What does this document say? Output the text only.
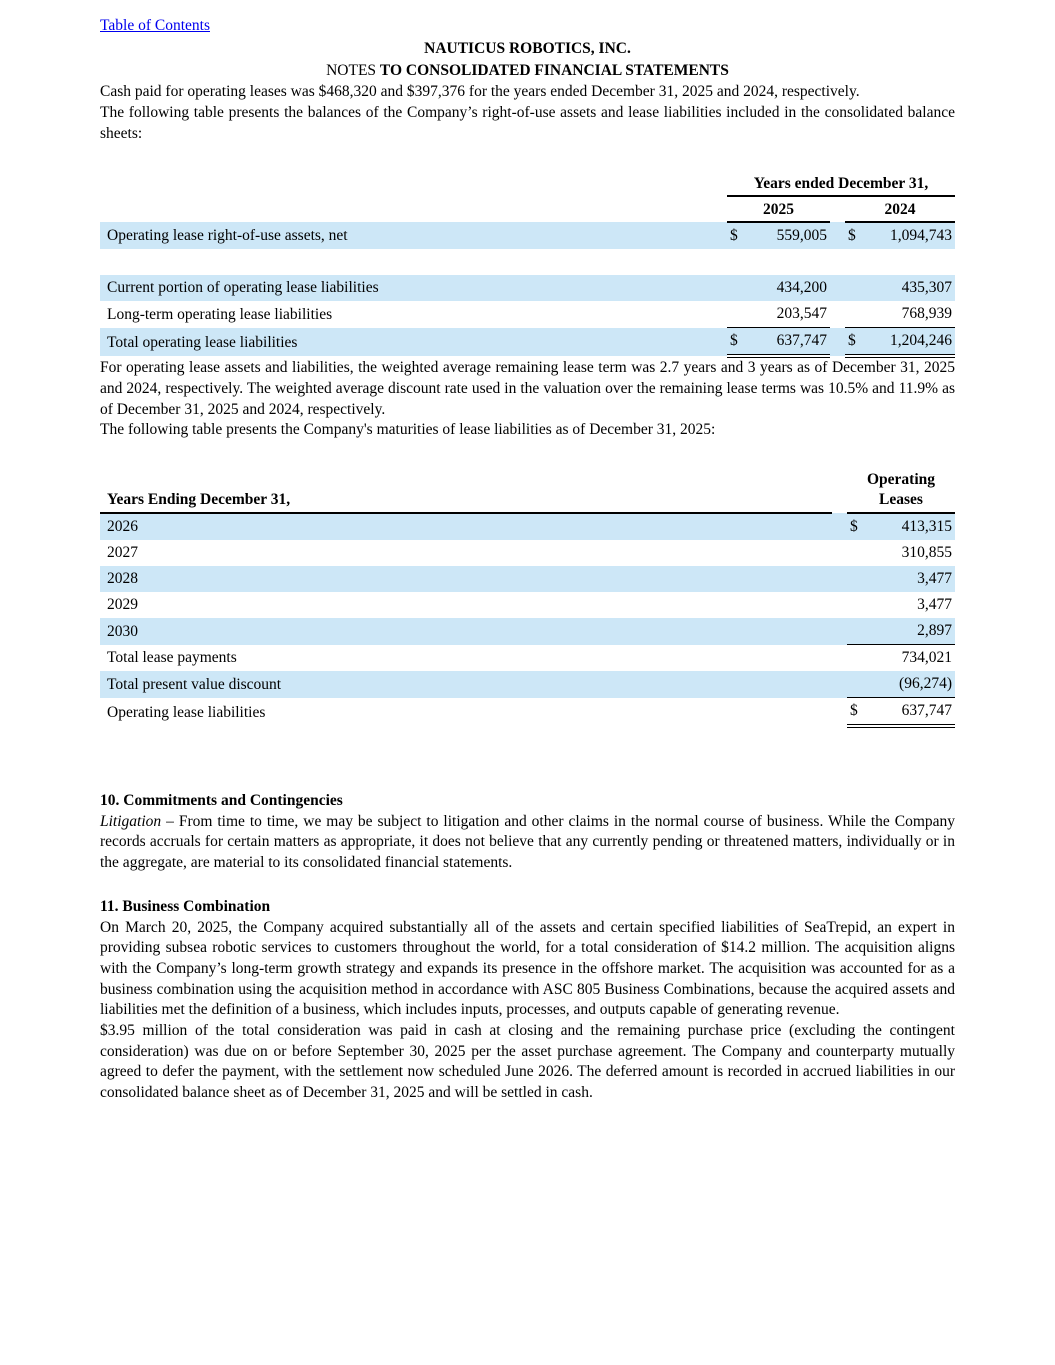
Table of Contents

NAUTICUS ROBOTICS, INC.
NOTES TO CONSOLIDATED FINANCIAL STATEMENTS

Cash paid for operating leases was $468,320 and $397,376 for the years ended December 31, 2025 and 2024, respectively.

The following table presents the balances of the Company’s right-of-use assets and lease liabilities included in the consolidated balance sheets:

	Years ended December 31,				
	2025			2024	
Operating lease right-of-use assets, net	$	559,005		$	1,094,743

Current portion of operating lease liabilities		434,200			435,307
Long-term operating lease liabilities		203,547			768,939
Total operating lease liabilities	$	637,747		$	1,204,246

For operating lease assets and liabilities, the weighted average remaining lease term was 2.7 years and 3 years as of December 31, 2025 and 2024, respectively. The weighted average discount rate used in the valuation over the remaining lease terms was 10.5% and 11.9% as of December 31, 2025 and 2024, respectively.

The following table presents the Company's maturities of lease liabilities as of December 31, 2025:

Years Ending December 31,		Operating
Leases	

2026		$	413,315
2027			310,855
2028			3,477
2029			3,477
2030			2,897
Total lease payments			734,021
Total present value discount			(96,274)
Operating lease liabilities		$	637,747
10. Commitments and Contingencies

Litigation – From time to time, we may be subject to litigation and other claims in the normal course of business. While the Company records accruals for certain matters as appropriate, it does not believe that any currently pending or threatened matters, individually or in the aggregate, are material to its consolidated financial statements.

11. Business Combination

On March 20, 2025, the Company acquired substantially all of the assets and certain specified liabilities of SeaTrepid, an expert in providing subsea robotic services to customers throughout the world, for a total consideration of $14.2 million. The acquisition aligns with the Company’s long-term growth strategy and expands its presence in the offshore market. The acquisition was accounted for as a business combination using the acquisition method in accordance with ASC 805 Business Combinations, because the acquired assets and liabilities met the definition of a business, which includes inputs, processes, and outputs capable of generating revenue.

$3.95 million of the total consideration was paid in cash at closing and the remaining purchase price (excluding the contingent consideration) was due on or before September 30, 2025 per the asset purchase agreement. The Company and counterparty mutually agreed to defer the payment, with the settlement now scheduled June 2026. The deferred amount is recorded in accrued liabilities in our consolidated balance sheet as of December 31, 2025 and will be settled in cash.
